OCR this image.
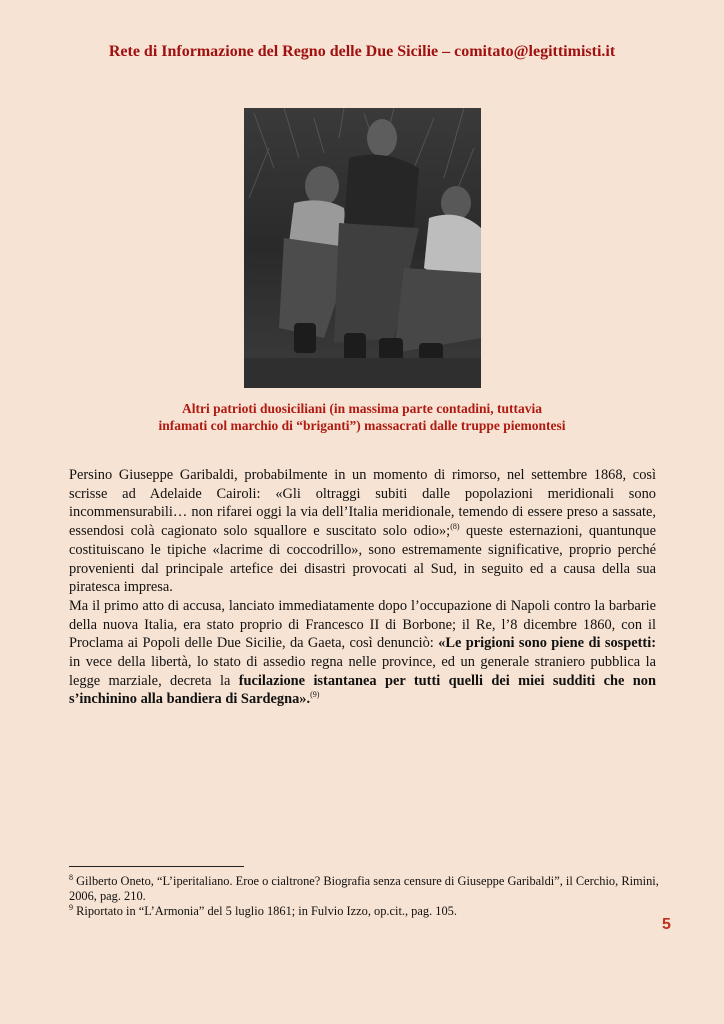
Rete di Informazione del Regno delle Due Sicilie – comitato@legittimisti.it
Altri patrioti duosiciliani (in massima parte contadini, tuttavia
infamati col marchio di “briganti”) massacrati dalle truppe piemontesi

Persino Giuseppe Garibaldi, probabilmente in un momento di rimorso, nel settembre 1868, così scrisse ad Adelaide Cairoli: «Gli oltraggi subiti dalle popolazioni meridionali sono incommensurabili… non rifarei oggi la via dell’Italia meridionale, temendo di essere preso a sassate, essendosi colà cagionato solo squallore e suscitato solo odio»;$^{(8)}$ queste esternazioni, quantunque costituiscano le tipiche «lacrime di coccodrillo», sono estremamente significative, proprio perché provenienti dal principale artefice dei disastri provocati al Sud, in seguito ed a causa della sua piratesca impresa.

Ma il primo atto di accusa, lanciato immediatamente dopo l’occupazione di Napoli contro la barbarie della nuova Italia, era stato proprio di Francesco II di Borbone; il Re, l’8 dicembre 1860, con il Proclama ai Popoli delle Due Sicilie, da Gaeta, così denunciò: «Le prigioni sono piene di sospetti: in vece della libertà, lo stato di assedio regna nelle province, ed un generale straniero pubblica la legge marziale, decreta la fucilazione istantanea per tutti quelli dei miei sudditi che non s’inchinino alla bandiera di Sardegna».$^{(9)}$

$^8$ Gilberto Oneto, “L’iperitaliano. Eroe o cialtrone? Biografia senza censure di Giuseppe Garibaldi”, il Cerchio, Rimini, 2006, pag. 210.

$^9$ Riportato in “L’Armonia” del 5 luglio 1861; in Fulvio Izzo, op.cit., pag. 105.

5
